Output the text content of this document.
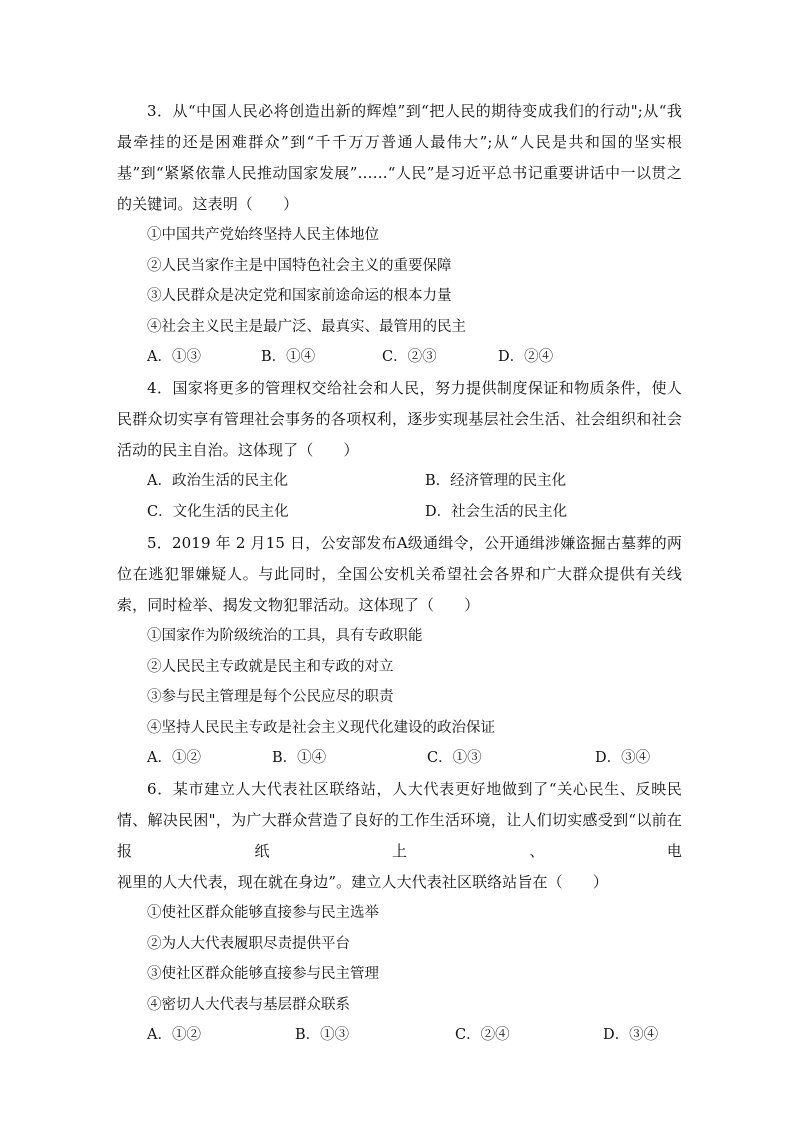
3．从“中国人民必将创造出新的辉煌”到“把人民的期待变成我们的行动";从“我最牵挂的还是困难群众”到“千千万万普通人最伟大”;从“人民是共和国的坚实根基”到“紧紧依靠人民推动国家发展”……“人民”是习近平总书记重要讲话中一以贯之的关键词。这表明（　　）

①中国共产党始终坚持人民主体地位
②人民当家作主是中国特色社会主义的重要保障
③人民群众是决定党和国家前途命运的根本力量
④社会主义民主是最广泛、最真实、最管用的民主
A．①③	B．①④	C．②③	D．②④

4．国家将更多的管理权交给社会和人民，努力提供制度保证和物质条件，使人民群众切实享有管理社会事务的各项权利，逐步实现基层社会生活、社会组织和社会活动的民主自治。这体现了（　　）

A．政治生活的民主化	B．经济管理的民主化
C．文化生活的民主化	D．社会生活的民主化

5．2019 年 2 月15 日，公安部发布A级通缉令，公开通缉涉嫌盗掘古墓葬的两位在逃犯罪嫌疑人。与此同时，全国公安机关希望社会各界和广大群众提供有关线索，同时检举、揭发文物犯罪活动。这体现了（　　）

①国家作为阶级统治的工具，具有专政职能
②人民民主专政就是民主和专政的对立
③参与民主管理是每个公民应尽的职责
④坚持人民民主专政是社会主义现代化建设的政治保证
A．①②	B．①④	C．①③	D．③④

6．某市建立人大代表社区联络站，人大代表更好地做到了“关心民生、反映民情、解决民困"，为广大群众营造了良好的工作生活环境，让人们切实感受到“以前在报纸上、电视里的人大代表，现在就在身边”。建立人大代表社区联络站旨在（　　）

①使社区群众能够直接参与民主选举
②为人大代表履职尽责提供平台
③使社区群众能够直接参与民主管理
④密切人大代表与基层群众联系
A．①②	B．①③	C．②④	D．③④
